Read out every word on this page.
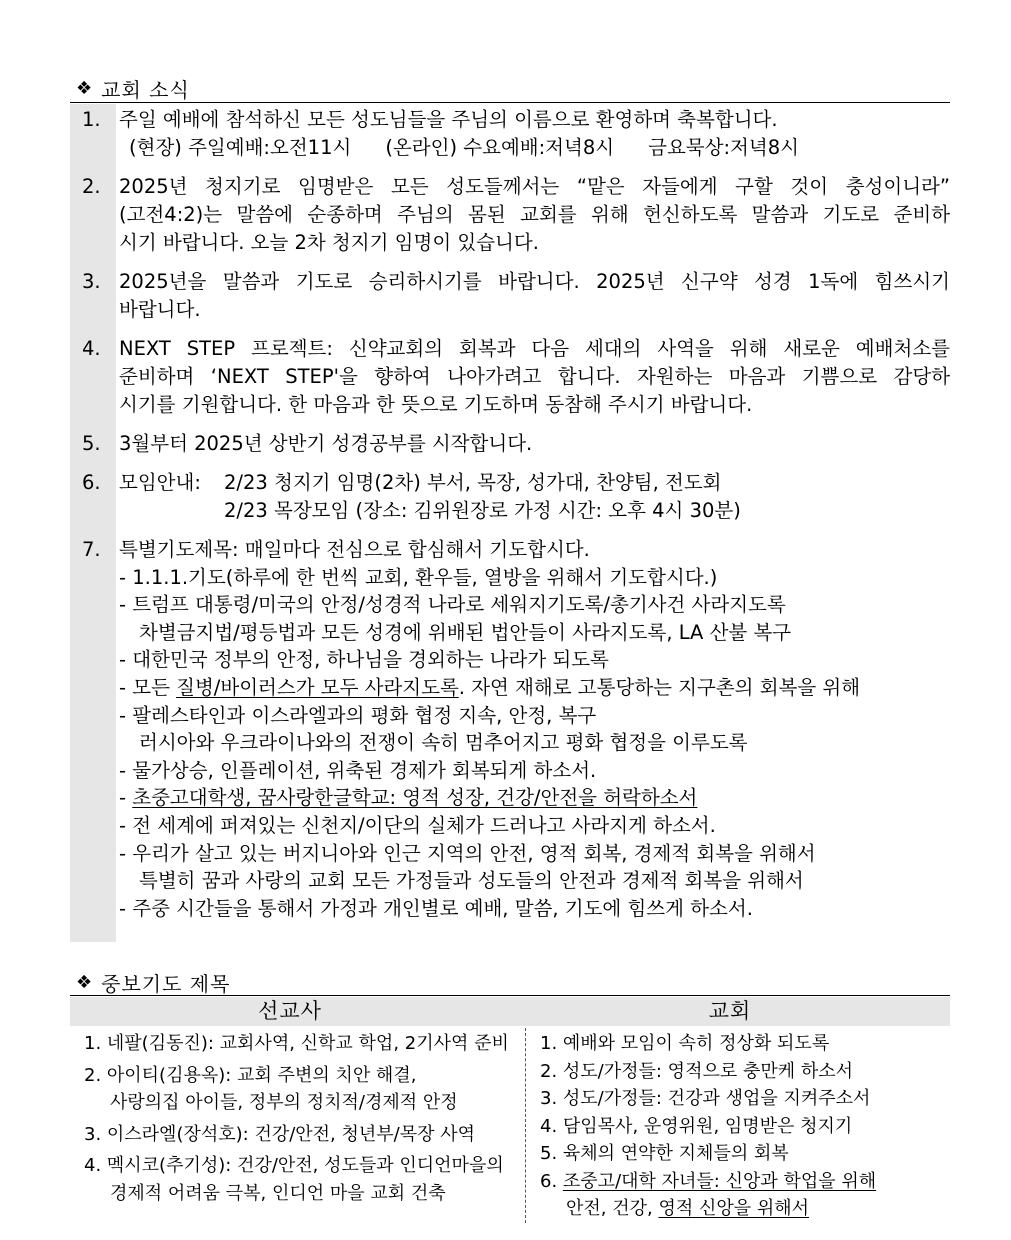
❖ 교회 소식
1. 주일 예배에 참석하신 모든 성도님들을 주님의 이름으로 환영하며 축복합니다.
(현장) 주일예배:오전11시 (온라인) 수요예배:저녁8시 금요묵상:저녁8시
2. 2025년 청지기로 임명받은 모든 성도들께서는 “맡은 자들에게 구할 것이 충성이니라”
(고전4:2)는 말씀에 순종하며 주님의 몸된 교회를 위해 헌신하도록 말씀과 기도로 준비하
시기 바랍니다. 오늘 2차 청지기 임명이 있습니다.
3. 2025년을 말씀과 기도로 승리하시기를 바랍니다. 2025년 신구약 성경 1독에 힘쓰시기
바랍니다.
4. NEXT STEP 프로젝트: 신약교회의 회복과 다음 세대의 사역을 위해 새로운 예배처소를
준비하며 ‘NEXT STEP'을 향하여 나아가려고 합니다. 자원하는 마음과 기쁨으로 감당하
시기를 기원합니다. 한 마음과 한 뜻으로 기도하며 동참해 주시기 바랍니다.
5. 3월부터 2025년 상반기 성경공부를 시작합니다.
6. 모임안내:	2/23 청지기 임명(2차) 부서, 목장, 성가대, 찬양팀, 전도회
2/23 목장모임 (장소: 김위원장로 가정 시간: 오후 4시 30분)
7. 특별기도제목: 매일마다 전심으로 합심해서 기도합시다.
- 1.1.1.기도(하루에 한 번씩 교회, 환우들, 열방을 위해서 기도합시다.)
- 트럼프 대통령/미국의 안정/성경적 나라로 세워지기도록/총기사건 사라지도록
차별금지법/평등법과 모든 성경에 위배된 법안들이 사라지도록, LA 산불 복구
- 대한민국 정부의 안정, 하나님을 경외하는 나라가 되도록
- 모든 질병/바이러스가 모두 사라지도록. 자연 재해로 고통당하는 지구촌의 회복을 위해
- 팔레스타인과 이스라엘과의 평화 협정 지속, 안정, 복구
러시아와 우크라이나와의 전쟁이 속히 멈추어지고 평화 협정을 이루도록
- 물가상승, 인플레이션, 위축된 경제가 회복되게 하소서.
- 초중고대학생, 꿈사랑한글학교: 영적 성장, 건강/안전을 허락하소서
- 전 세계에 퍼져있는 신천지/이단의 실체가 드러나고 사라지게 하소서.
- 우리가 살고 있는 버지니아와 인근 지역의 안전, 영적 회복, 경제적 회복을 위해서
특별히 꿈과 사랑의 교회 모든 가정들과 성도들의 안전과 경제적 회복을 위해서
- 주중 시간들을 통해서 가정과 개인별로 예배, 말씀, 기도에 힘쓰게 하소서.
❖ 중보기도 제목
선교사	교회
1. 네팔(김동진): 교회사역, 신학교 학업, 2기사역 준비
2. 아이티(김용옥): 교회 주변의 치안 해결,
사랑의집 아이들, 정부의 정치적/경제적 안정
3. 이스라엘(장석호): 건강/안전, 청년부/목장 사역
4. 멕시코(추기성): 건강/안전, 성도들과 인디언마을의
경제적 어려움 극복, 인디언 마을 교회 건축
1. 예배와 모임이 속히 정상화 되도록
2. 성도/가정들: 영적으로 충만케 하소서
3. 성도/가정들: 건강과 생업을 지켜주소서
4. 담임목사, 운영위원, 임명받은 청지기
5. 육체의 연약한 지체들의 회복
6. 조중고/대학 자녀들: 신앙과 학업을 위해
안전, 건강, 영적 신앙을 위해서
